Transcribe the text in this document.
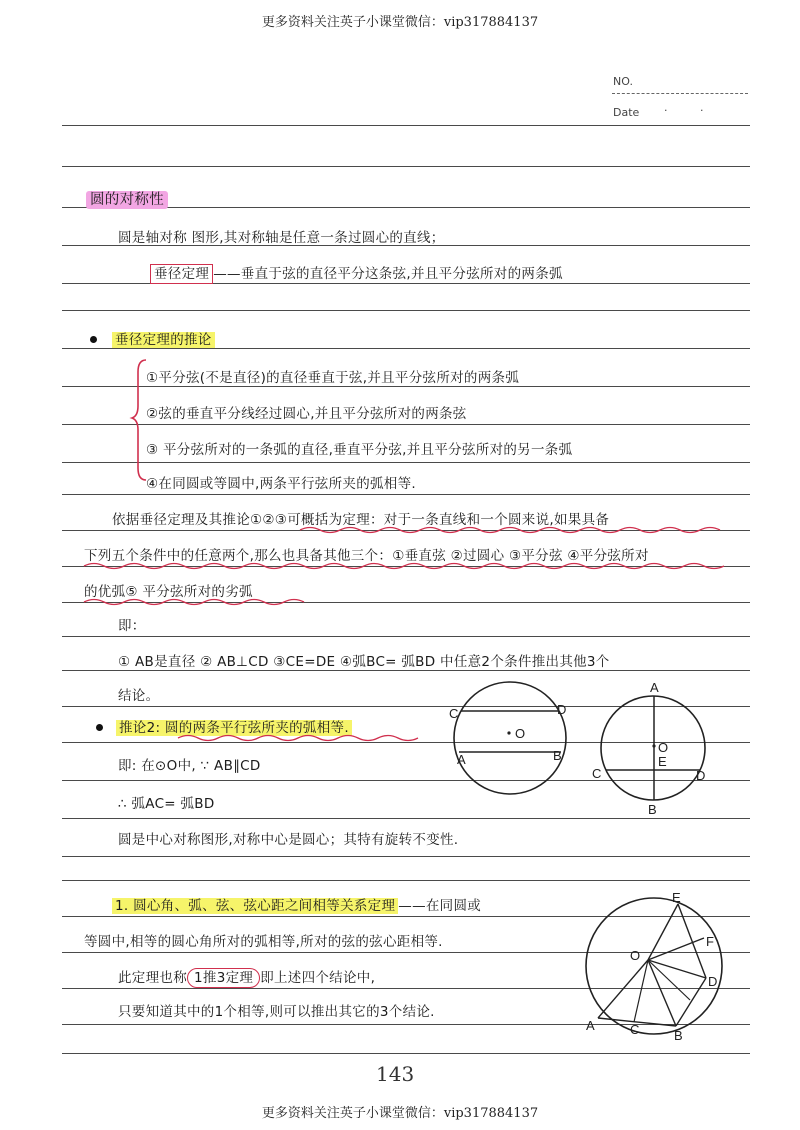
更多资料关注英子小课堂微信：vip317884137
NO.
Date ·	·
圆的对称性
圆是轴对称 图形,其对称轴是任意一条过圆心的直线；
垂径定理 ——垂直于弦的直径平分这条弦,并且平分弦所对的两条弧
垂径定理的推论
①平分弦(不是直径)的直径垂直于弦,并且平分弦所对的两条弧
②弦的垂直平分线经过圆心,并且平分弦所对的两条弦
③ 平分弦所对的一条弧的直径,垂直平分弦,并且平分弦所对的另一条弧
④在同圆或等圆中,两条平行弦所夹的弧相等.
依据垂径定理及其推论①②③可概括为定理：对于一条直线和一个圆来说,如果具备
下列五个条件中的任意两个,那么也具备其他三个：①垂直弦 ②过圆心 ③平分弦 ④平分弦所对
的优弧⑤ 平分弦所对的劣弧
即：
① AB是直径 ② AB⊥CD ③CE=DE ④弧BC= 弧BD 中任意2个条件推出其他3个
结论。
推论2: 圆的两条平行弦所夹的弧相等.
即: 在⊙O中, ∵ AB∥CD
∴ 弧AC= 弧BD
圆是中心对称图形,对称中心是圆心；其特有旋转不变性.
1. 圆心角、弧、弦、弦心距之间相等关系定理 ——在同圆或
等圆中,相等的圆心角所对的弧相等,所对的弦的弦心距相等.
此定理也称 1推3定理 即上述四个结论中,
只要知道其中的1个相等,则可以推出其它的3个结论.
C	D
A	B
O
A
O
E
C	D
B
E
F
O
D
A	C	B
143
更多资料关注英子小课堂微信：vip317884137
